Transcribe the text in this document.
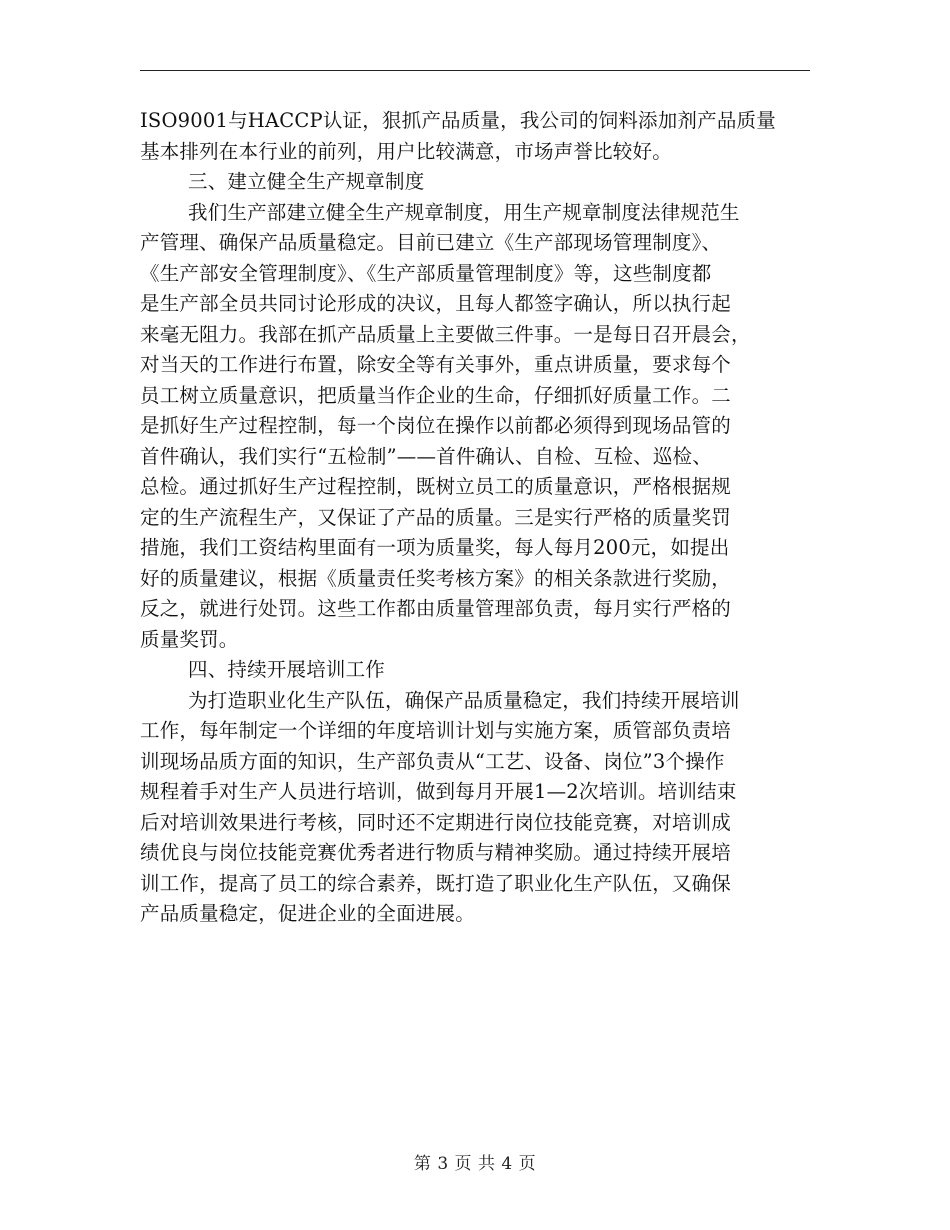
ISO9001与HACCP认证，狠抓产品质量，我公司的饲料添加剂产品质量
基本排列在本行业的前列，用户比较满意，市场声誉比较好。
三、建立健全生产规章制度
我们生产部建立健全生产规章制度，用生产规章制度法律规范生
产管理、确保产品质量稳定。目前已建立《生产部现场管理制度》、
《生产部安全管理制度》、《生产部质量管理制度》等，这些制度都
是生产部全员共同讨论形成的决议，且每人都签字确认，所以执行起
来毫无阻力。我部在抓产品质量上主要做三件事。一是每日召开晨会，
对当天的工作进行布置，除安全等有关事外，重点讲质量，要求每个
员工树立质量意识，把质量当作企业的生命，仔细抓好质量工作。二
是抓好生产过程控制，每一个岗位在操作以前都必须得到现场品管的
首件确认，我们实行“五检制”——首件确认、自检、互检、巡检、
总检。通过抓好生产过程控制，既树立员工的质量意识，严格根据规
定的生产流程生产，又保证了产品的质量。三是实行严格的质量奖罚
措施，我们工资结构里面有一项为质量奖，每人每月200元，如提出
好的质量建议，根据《质量责任奖考核方案》的相关条款进行奖励，
反之，就进行处罚。这些工作都由质量管理部负责，每月实行严格的
质量奖罚。
四、持续开展培训工作
为打造职业化生产队伍，确保产品质量稳定，我们持续开展培训
工作，每年制定一个详细的年度培训计划与实施方案，质管部负责培
训现场品质方面的知识，生产部负责从“工艺、设备、岗位”3个操作
规程着手对生产人员进行培训，做到每月开展1—2次培训。培训结束
后对培训效果进行考核，同时还不定期进行岗位技能竞赛，对培训成
绩优良与岗位技能竞赛优秀者进行物质与精神奖励。通过持续开展培
训工作，提高了员工的综合素养，既打造了职业化生产队伍，又确保
产品质量稳定，促进企业的全面进展。
第 3 页 共 4 页
